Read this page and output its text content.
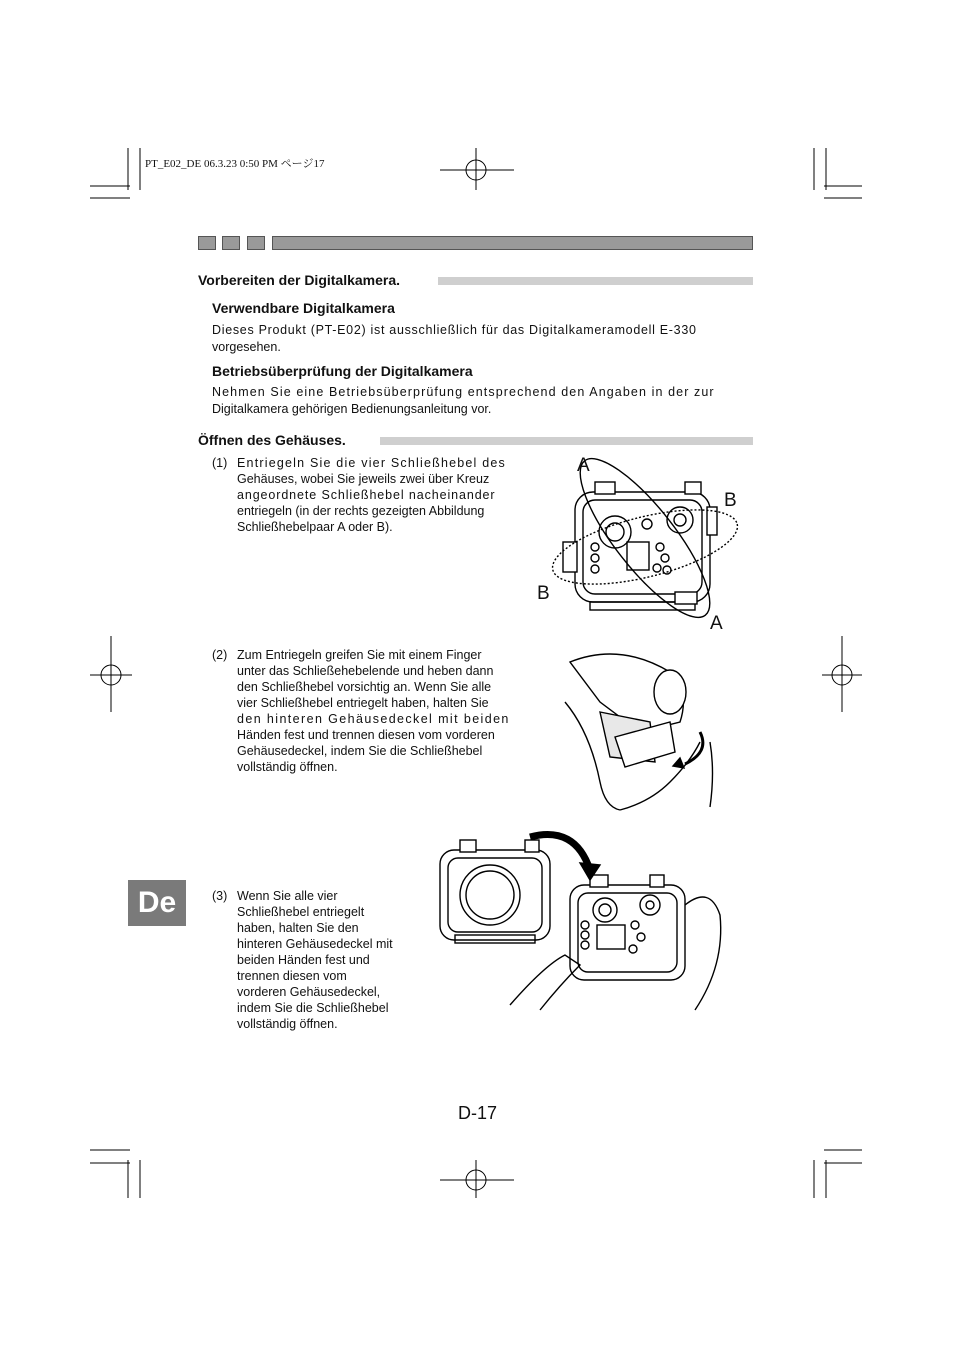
PT_E02_DE 06.3.23 0:50 PM ページ17
Vorbereiten der Digitalkamera.
Verwendbare Digitalkamera
Dieses Produkt (PT-E02) ist ausschließlich für das Digitalkameramodell E-330
vorgesehen.
Betriebsüberprüfung der Digitalkamera
Nehmen Sie eine Betriebsüberprüfung entsprechend den Angaben in der zur
Digitalkamera gehörigen Bedienungsanleitung vor.
Öffnen des Gehäuses.
(1) Entriegeln Sie die vier Schließhebel des
Gehäuses, wobei Sie jeweils zwei über Kreuz
angeordnete Schließhebel nacheinander
entriegeln (in der rechts gezeigten Abbildung
Schließhebelpaar A oder B).
(2) Zum Entriegeln greifen Sie mit einem Finger
unter das Schließehebelende und heben dann
den Schließhebel vorsichtig an. Wenn Sie alle
vier Schließhebel entriegelt haben, halten Sie
den hinteren Gehäusedeckel mit beiden
Händen fest und trennen diesen vom vorderen
Gehäusedeckel, indem Sie die Schließhebel
vollständig öffnen.
(3) Wenn Sie alle vier
Schließhebel entriegelt
haben, halten Sie den
hinteren Gehäusedeckel mit
beiden Händen fest und
trennen diesen vom
vorderen Gehäusedeckel,
indem Sie die Schließhebel
vollständig öffnen.
A
B
B
A
De
D-17
